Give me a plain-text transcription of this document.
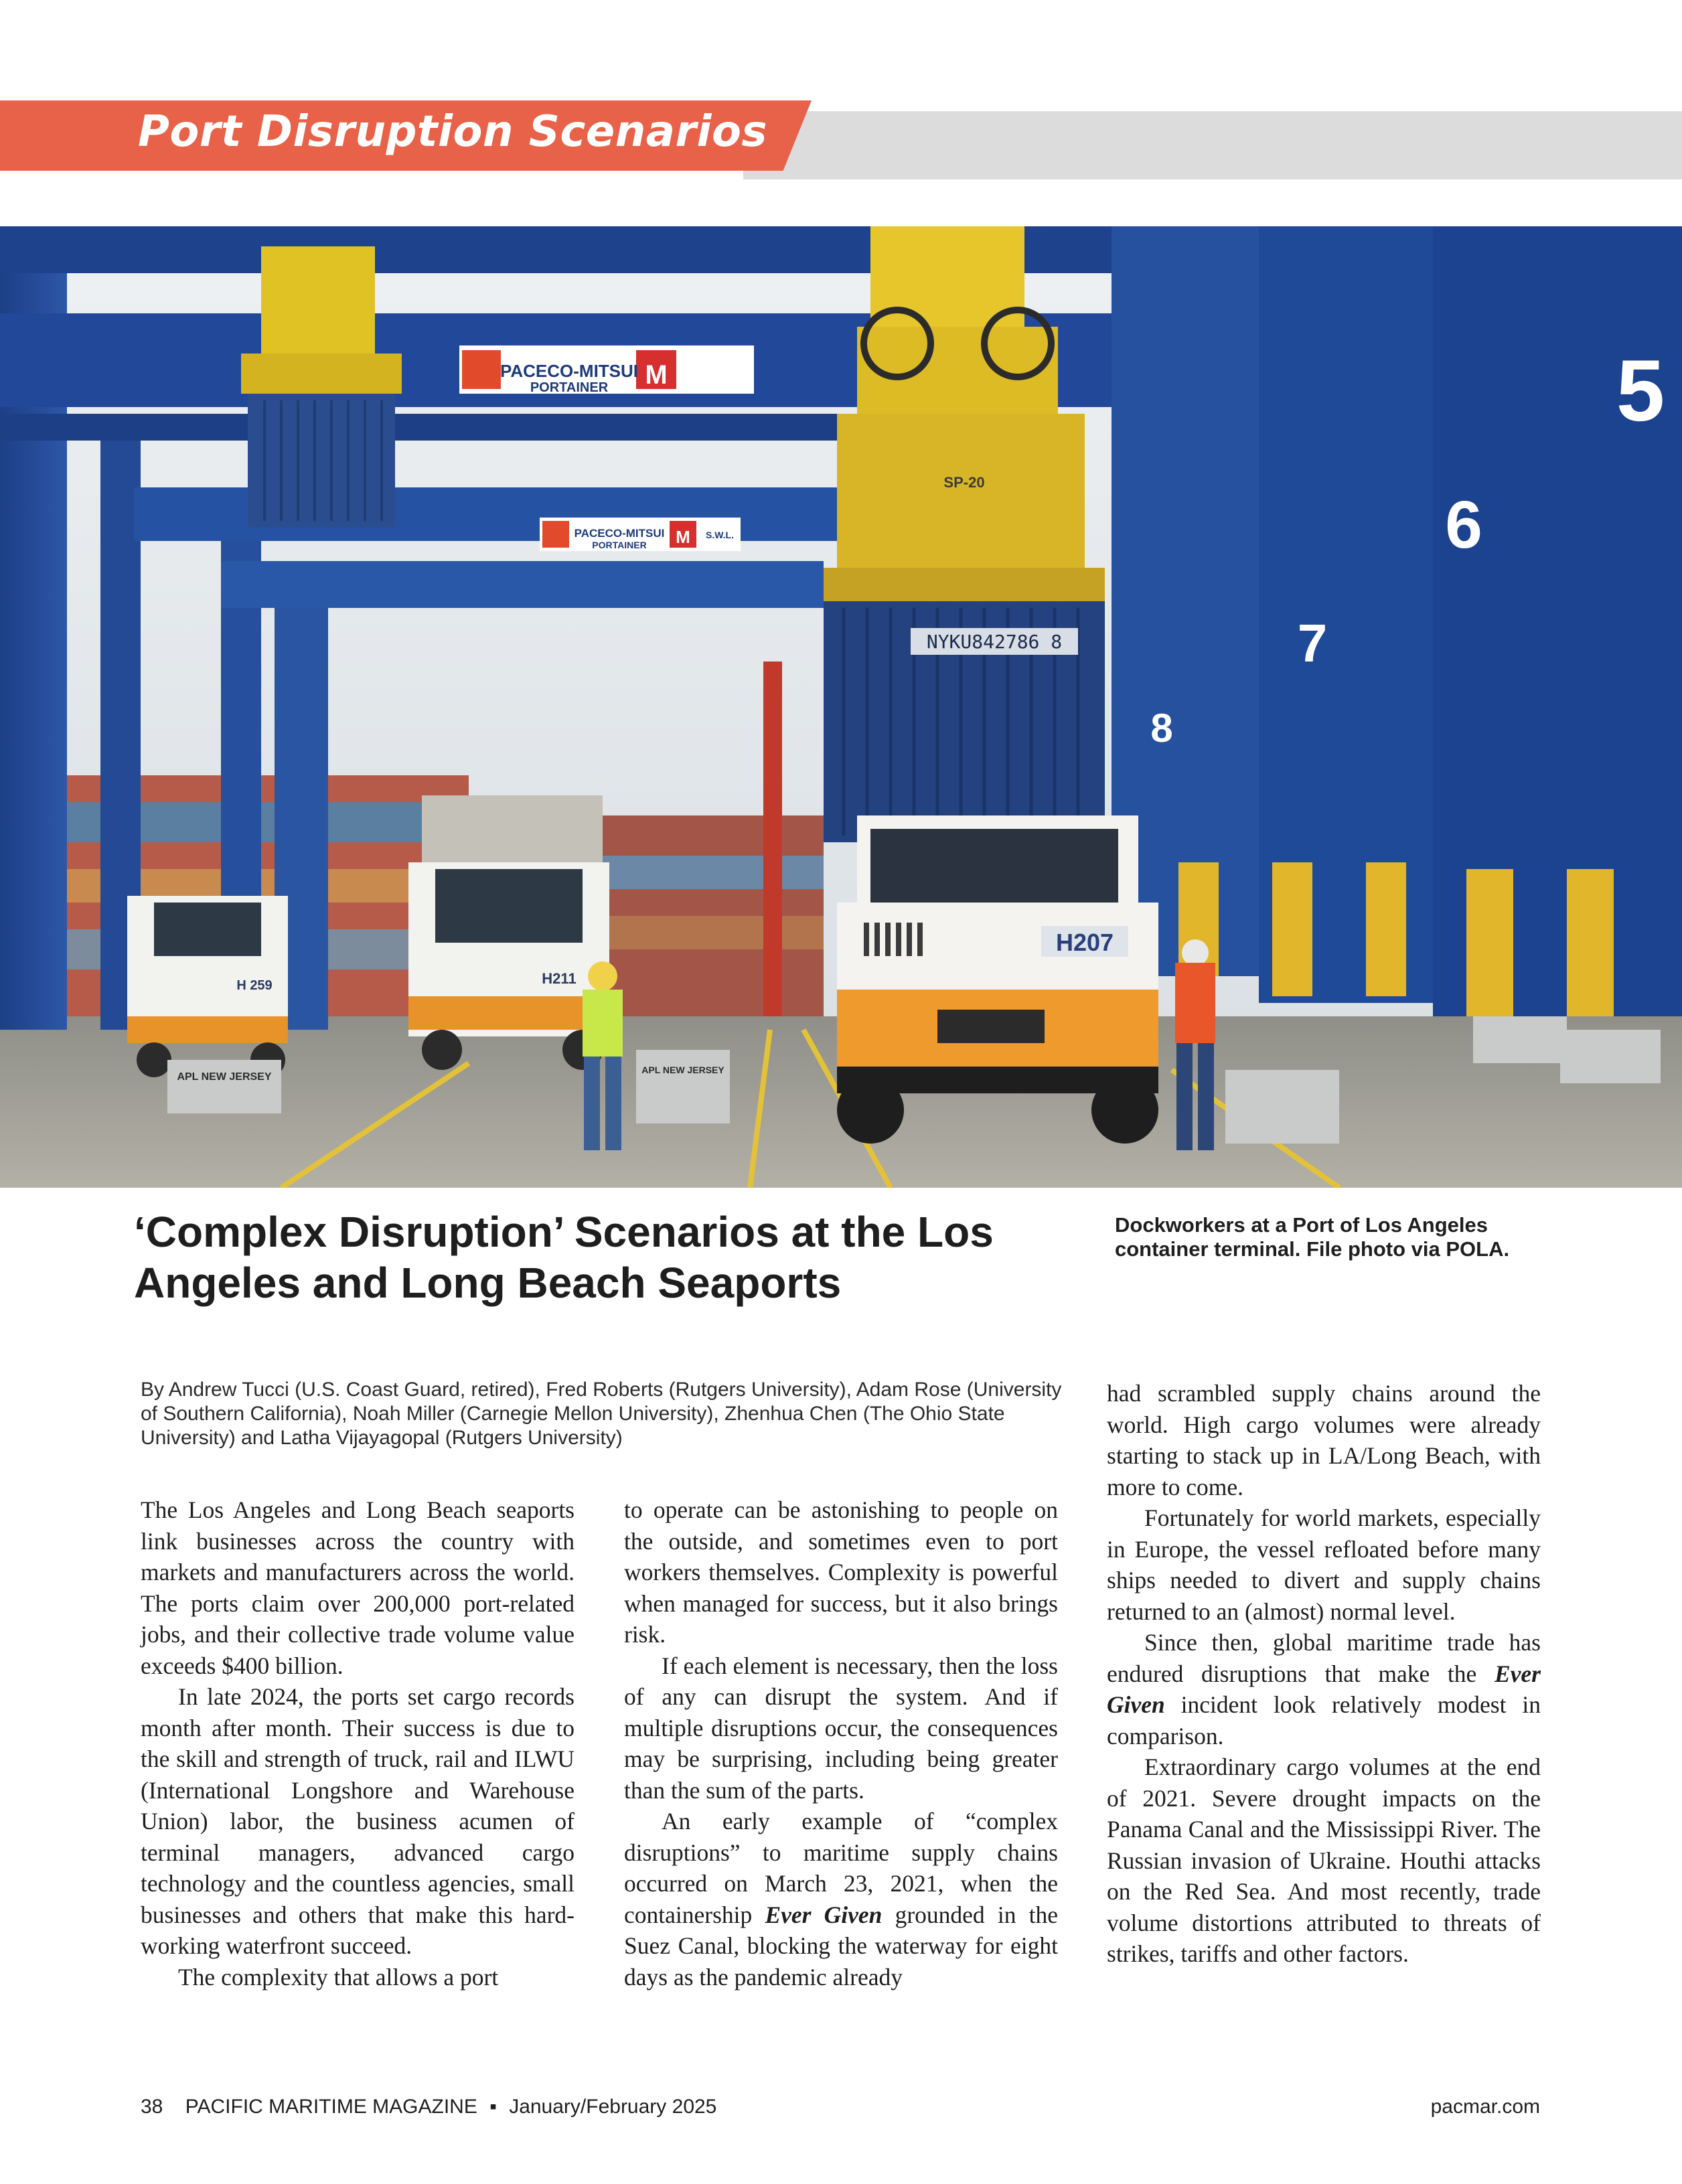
Port Disruption Scenarios
PACECO-MITSUI
PORTAINER M	S.W.L.
PACECO-MITSUI
PORTAINER M S.W.L.
5
6
7
8
SP-20
NYKU842786 8
H211
H 259
H207
APL NEW JERSEY
APL NEW JERSEY
‘Complex Disruption’ Scenarios at the Los Angeles and Long Beach Seaports

Dockworkers at a Port of Los Angeles container terminal. File photo via POLA.

By Andrew Tucci (U.S. Coast Guard, retired), Fred Roberts (Rutgers University), Adam Rose (University of Southern California), Noah Miller (Carnegie Mellon University), Zhenhua Chen (The Ohio State University) and Latha Vijayagopal (Rutgers University)

The Los Angeles and Long Beach seaports link businesses across the country with markets and manufacturers across the world. The ports claim over 200,000 port-related jobs, and their collective trade volume value exceeds $400 billion.

In late 2024, the ports set cargo records month after month. Their success is due to the skill and strength of truck, rail and ILWU (International Longshore and Warehouse Union) labor, the business acumen of terminal managers, advanced cargo technology and the countless agencies, small businesses and others that make this hard-working waterfront succeed.

The complexity that allows a port

to operate can be astonishing to people on the outside, and sometimes even to port workers themselves. Complexity is powerful when managed for success, but it also brings risk.

If each element is necessary, then the loss of any can disrupt the system. And if multiple disruptions occur, the consequences may be surprising, including being greater than the sum of the parts.

An early example of “complex disruptions” to maritime supply chains occurred on March 23, 2021, when the containership Ever Given grounded in the Suez Canal, blocking the waterway for eight days as the pandemic already

had scrambled supply chains around the world. High cargo volumes were already starting to stack up in LA/Long Beach, with more to come.

Fortunately for world markets, especially in Europe, the vessel refloated before many ships needed to divert and supply chains returned to an (almost) normal level.

Since then, global maritime trade has endured disruptions that make the Ever Given incident look relatively modest in comparison.

Extraordinary cargo volumes at the end of 2021. Severe drought impacts on the Panama Canal and the Mississippi River. The Russian invasion of Ukraine. Houthi attacks on the Red Sea. And most recently, trade volume distortions attributed to threats of strikes, tariffs and other factors.

38 PACIFIC MARITIME MAGAZINE ▪ January/February 2025	pacmar.com
